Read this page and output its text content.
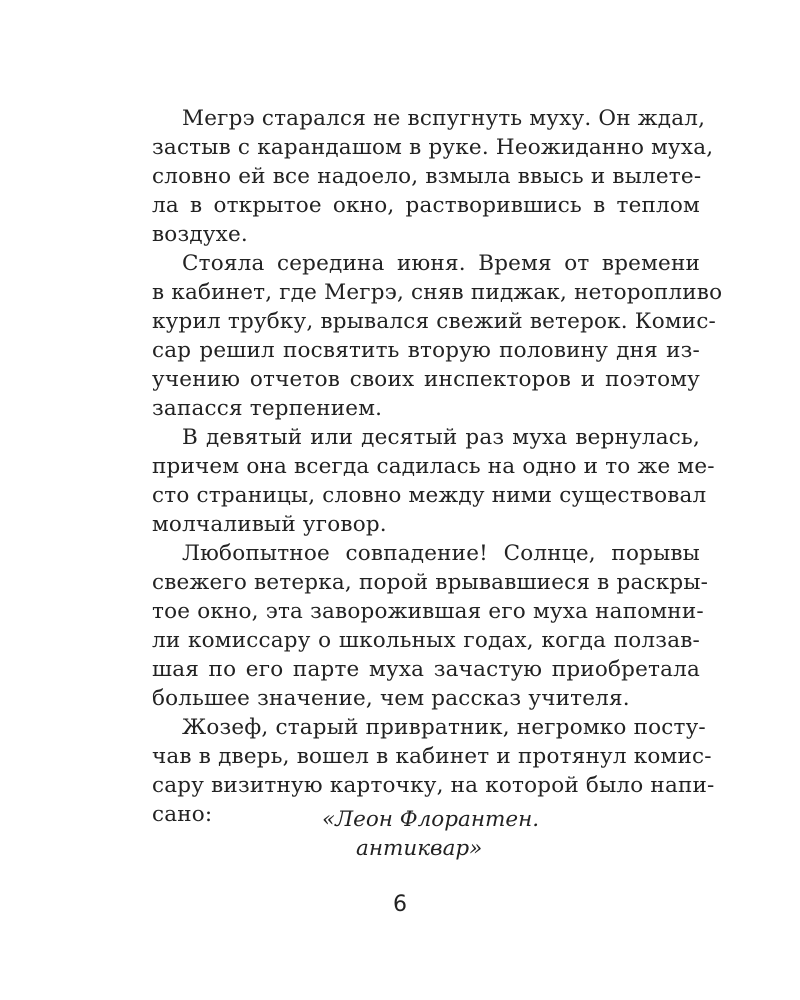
Мегрэ старался не вспугнуть муху. Он ждал,
застыв с карандашом в руке. Неожиданно муха,
словно ей все надоело, взмыла ввысь и вылете-
ла в открытое окно, растворившись в теплом
воздухе.
Стояла середина июня. Время от времени
в кабинет, где Мегрэ, сняв пиджак, неторопливо
курил трубку, врывался свежий ветерок. Комис-
сар решил посвятить вторую половину дня из-
учению отчетов своих инспекторов и поэтому
запасся терпением.
В девятый или десятый раз муха вернулась,
причем она всегда садилась на одно и то же ме-
сто страницы, словно между ними существовал
молчаливый уговор.
Любопытное совпадение! Солнце, порывы
свежего ветерка, порой врывавшиеся в раскры-
тое окно, эта заворожившая его муха напомни-
ли комиссару о школьных годах, когда ползав-
шая по его парте муха зачастую приобретала
большее значение, чем рассказ учителя.
Жозеф, старый привратник, негромко посту-
чав в дверь, вошел в кабинет и протянул комис-
сару визитную карточку, на которой было напи-
сано:	«Леон Флорантен.
антиквар»
6
